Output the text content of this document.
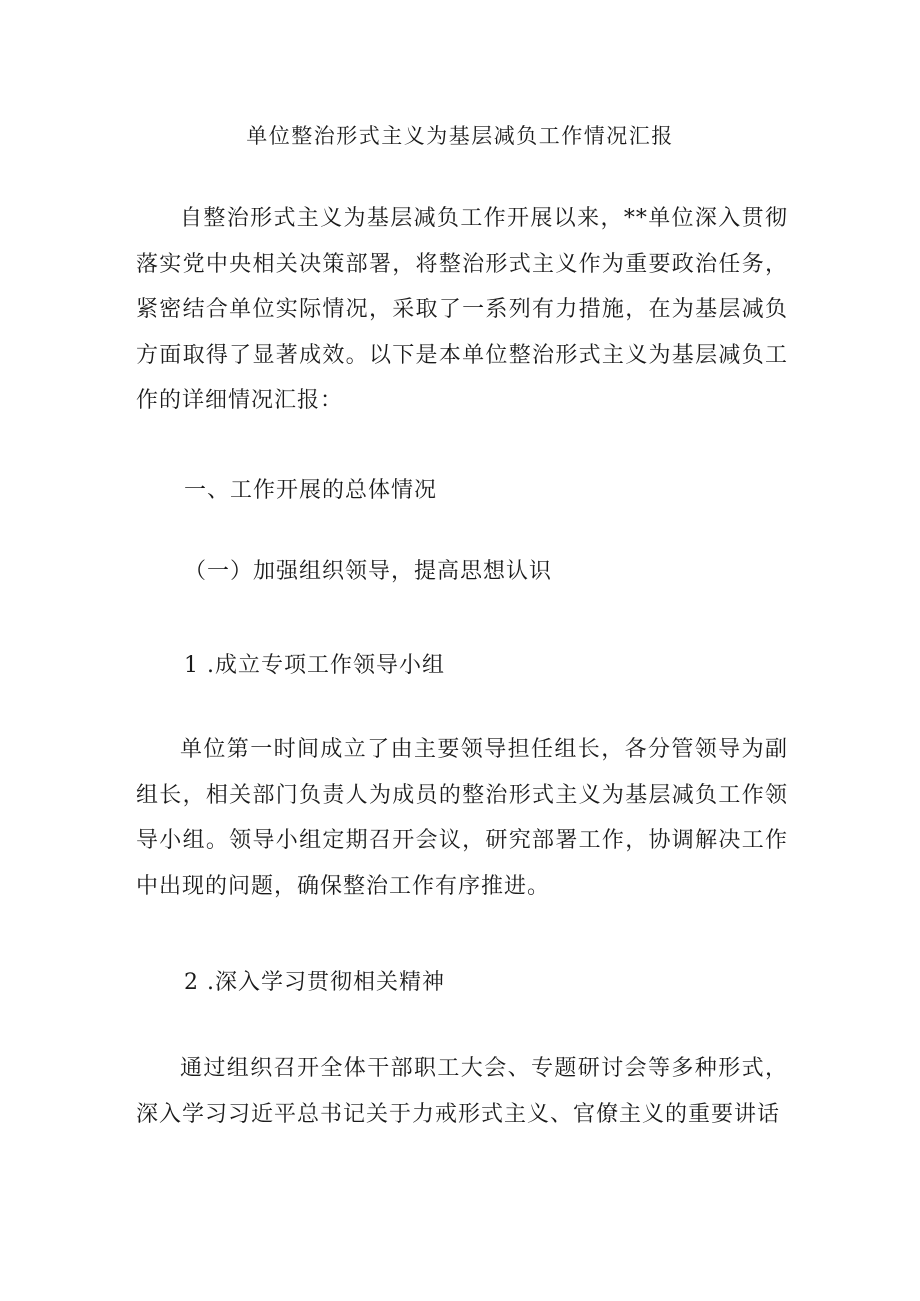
单位整治形式主义为基层减负工作情况汇报

自整治形式主义为基层减负工作开展以来，**单位深入贯彻落实党中央相关决策部署，将整治形式主义作为重要政治任务，紧密结合单位实际情况，采取了一系列有力措施，在为基层减负方面取得了显著成效。以下是本单位整治形式主义为基层减负工作的详细情况汇报：

一、工作开展的总体情况

（一）加强组织领导，提高思想认识

1 .成立专项工作领导小组

单位第一时间成立了由主要领导担任组长，各分管领导为副组长，相关部门负责人为成员的整治形式主义为基层减负工作领导小组。领导小组定期召开会议，研究部署工作，协调解决工作中出现的问题，确保整治工作有序推进。

2 .深入学习贯彻相关精神

通过组织召开全体干部职工大会、专题研讨会等多种形式，深入学习习近平总书记关于力戒形式主义、官僚主义的重要讲话
